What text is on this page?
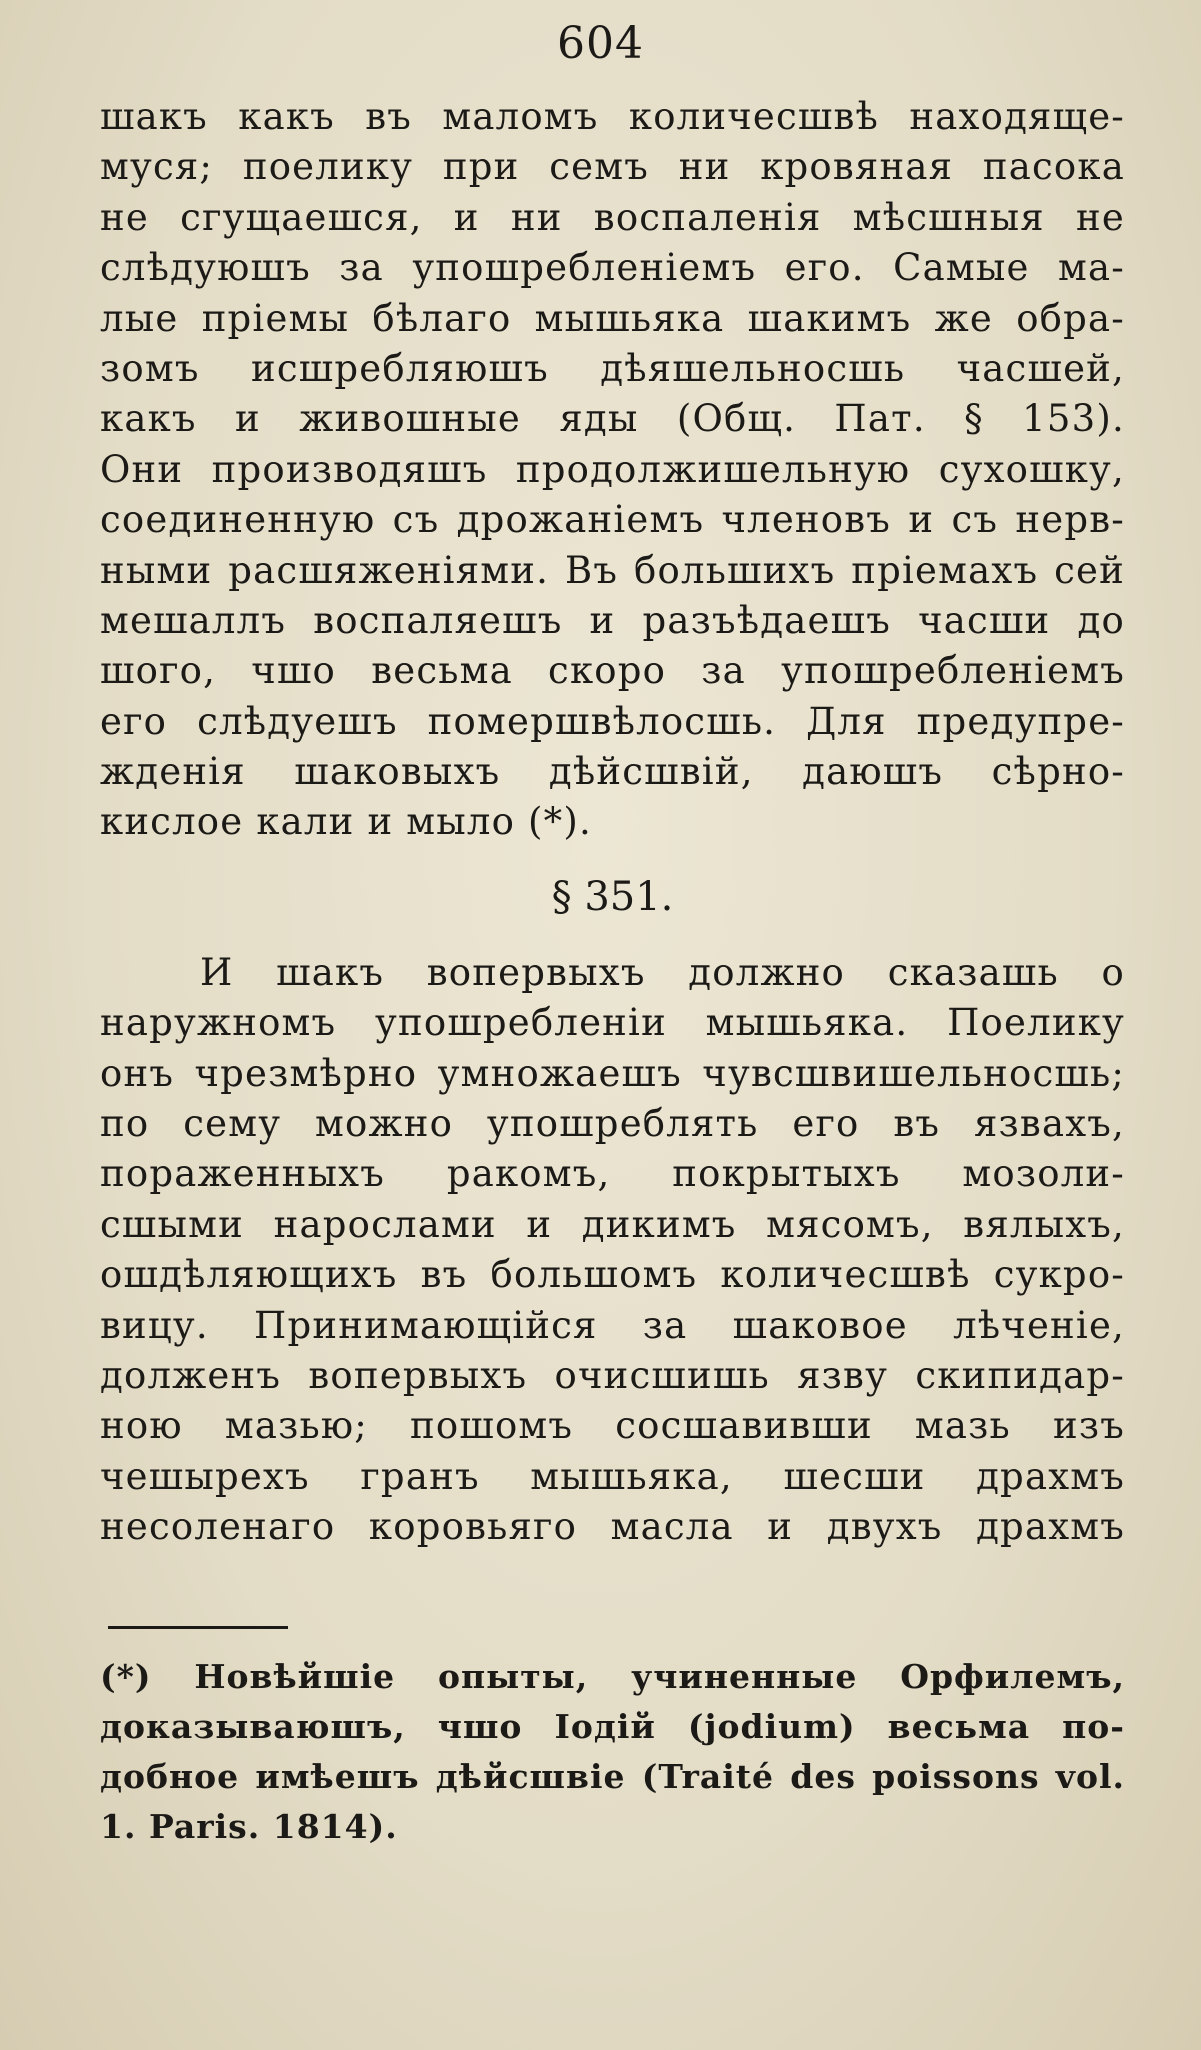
604
шакъ какъ въ маломъ количесшвѣ находяще-
муся; поелику при семъ ни кровяная пасока
не сгущаешся, и ни воспаленія мѣсшныя не
слѣдуюшъ за упошребленіемъ его. Самые ма-
лые пріемы бѣлаго мышьяка шакимъ же обра-
зомъ исшребляюшъ дѣяшельносшь часшей,
какъ и живошные яды (Общ. Пат. § 153).
Они производяшъ продолжишельную сухошку,
соединенную съ дрожаніемъ членовъ и съ нерв-
ными расшяженіями. Въ большихъ пріемахъ сей
мешаллъ воспаляешъ и разъѣдаешъ часши до
шого, чшо весьма скоро за упошребленіемъ
его слѣдуешъ помершвѣлосшь. Для предупре-
жденія шаковыхъ дѣйсшвій, даюшъ сѣрно-
кислое кали и мыло (*).
§ 351.
И шакъ вопервыхъ должно сказашь о
наружномъ упошребленіи мышьяка. Поелику
онъ чрезмѣрно умножаешъ чувсшвишельносшь;
по сему можно упошреблять его въ язвахъ,
пораженныхъ ракомъ, покрытыхъ мозоли-
сшыми нарослами и дикимъ мясомъ, вялыхъ,
ошдѣляющихъ въ большомъ количесшвѣ сукро-
вицу. Принимающійся за шаковое лѣченіе,
долженъ вопервыхъ очисшишь язву скипидар-
ною мазью; пошомъ сосшавивши мазь изъ
чешырехъ гранъ мышьяка, шесши драхмъ
несоленаго коровьяго масла и двухъ драхмъ
(*) Новѣйшіе опыты, учиненные Орфилемъ,
доказываюшъ, чшо Іодій (jodium) весьма по-
добное имѣешъ дѣйсшвіе (Traité des poissons vol.
1. Paris. 1814).
